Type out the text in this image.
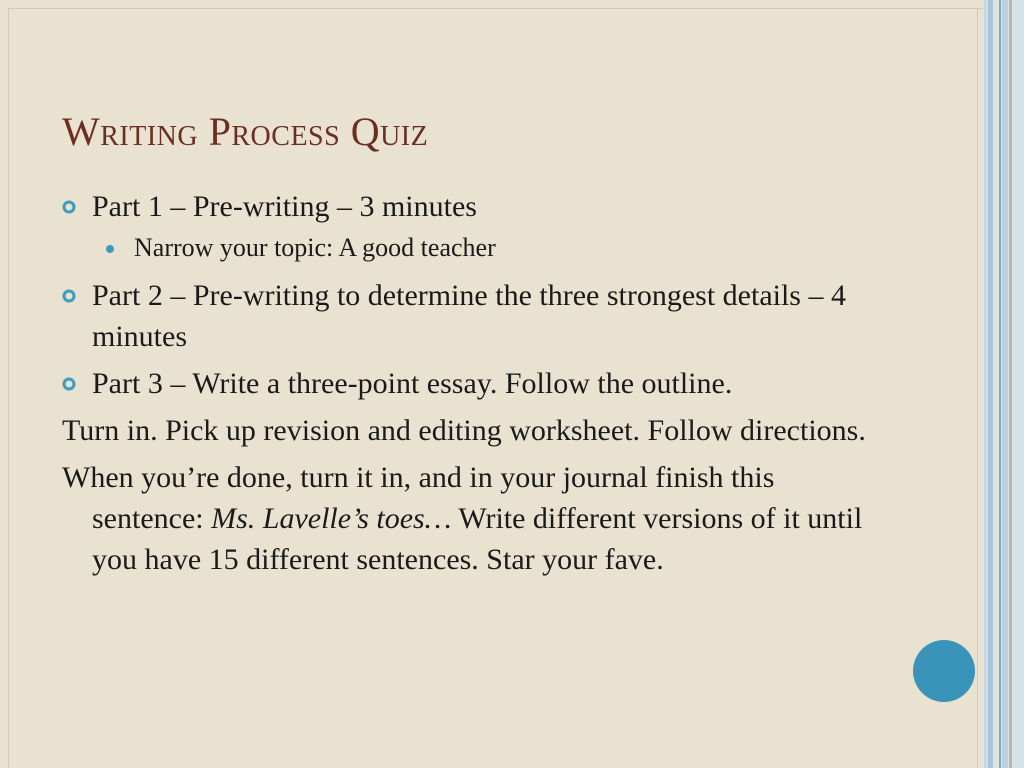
Writing Process Quiz
Part 1 – Pre-writing – 3 minutes
Narrow your topic: A good teacher
Part 2 – Pre-writing to determine the three strongest details – 4 minutes
Part 3 – Write a three-point essay. Follow the outline.
Turn in. Pick up revision and editing worksheet. Follow directions.
When you’re done, turn it in, and in your journal finish this sentence: Ms. Lavelle’s toes… Write different versions of it until you have 15 different sentences. Star your fave.
